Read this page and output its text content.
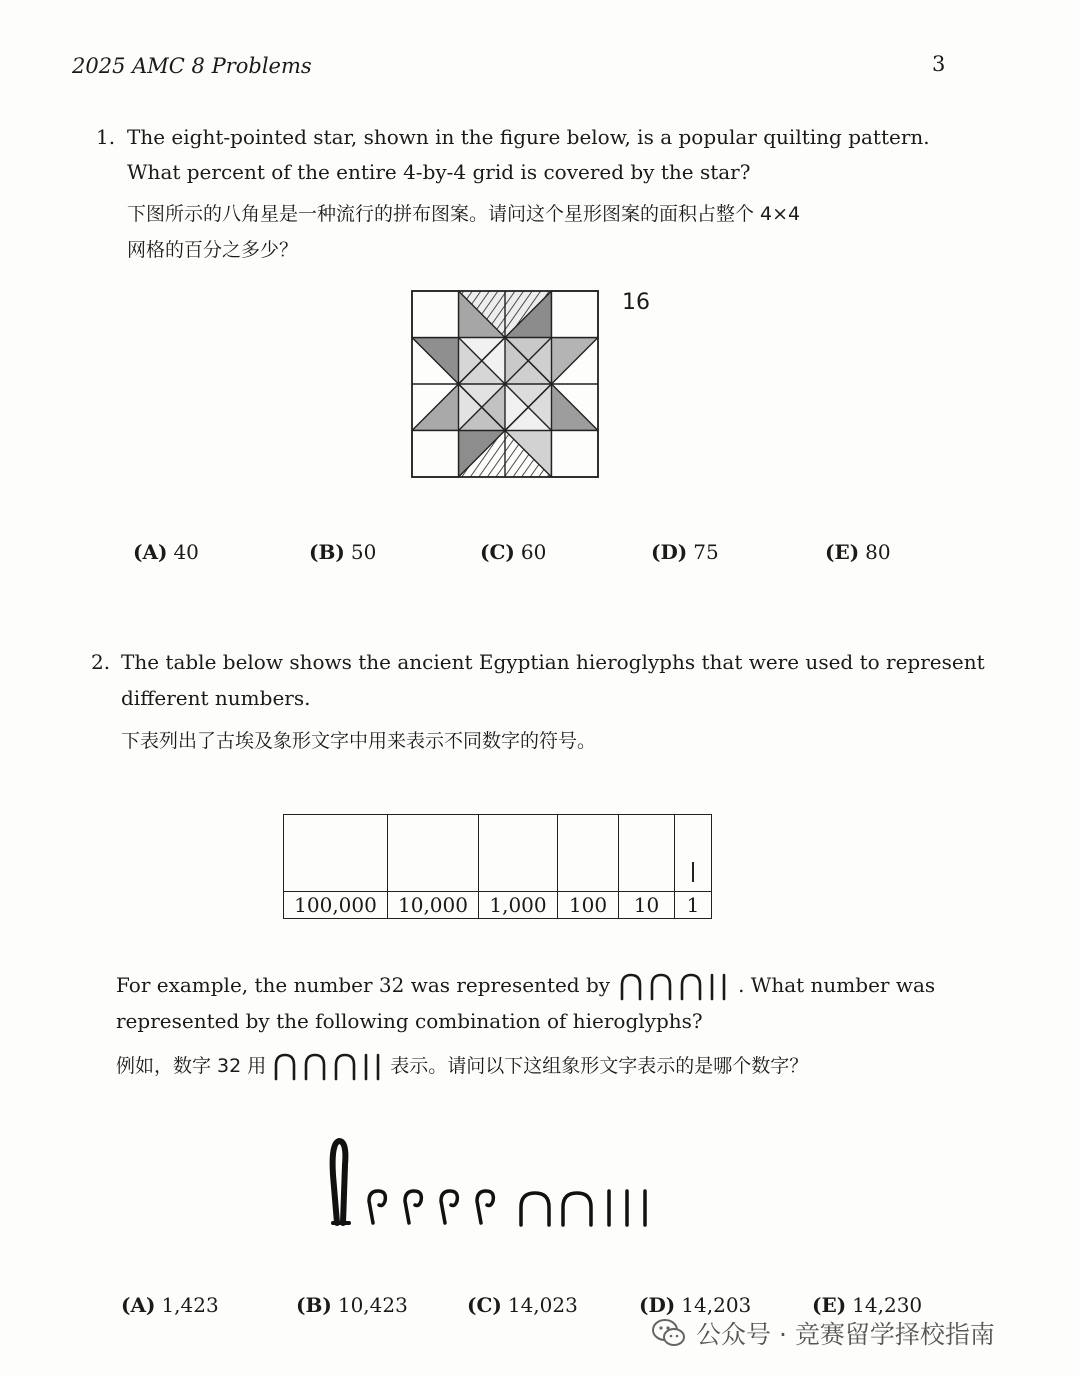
2025 AMC 8 Problems	3
1. The eight-pointed star, shown in the figure below, is a popular quilting pattern.
What percent of the entire 4-by-4 grid is covered by the star?
下图所示的八角星是一种流行的拼布图案。请问这个星形图案的面积占整个 4×4
网格的百分之多少？
16
(A) 40	(B) 50	(C) 60	(D) 75	(E) 80
2. The table below shows the ancient Egyptian hieroglyphs that were used to represent
different numbers.
下表列出了古埃及象形文字中用来表示不同数字的符号。

100,000	10,000	1,000	100	10	1
For example, the number 32 was represented by	. What number was
represented by the following combination of hieroglyphs?
例如，数字 32 用	表示。请问以下这组象形文字表示的是哪个数字？
(A) 1,423	(B) 10,423	(C) 14,023	(D) 14,203	(E) 14,230
公众号 · 竞赛留学择校指南
